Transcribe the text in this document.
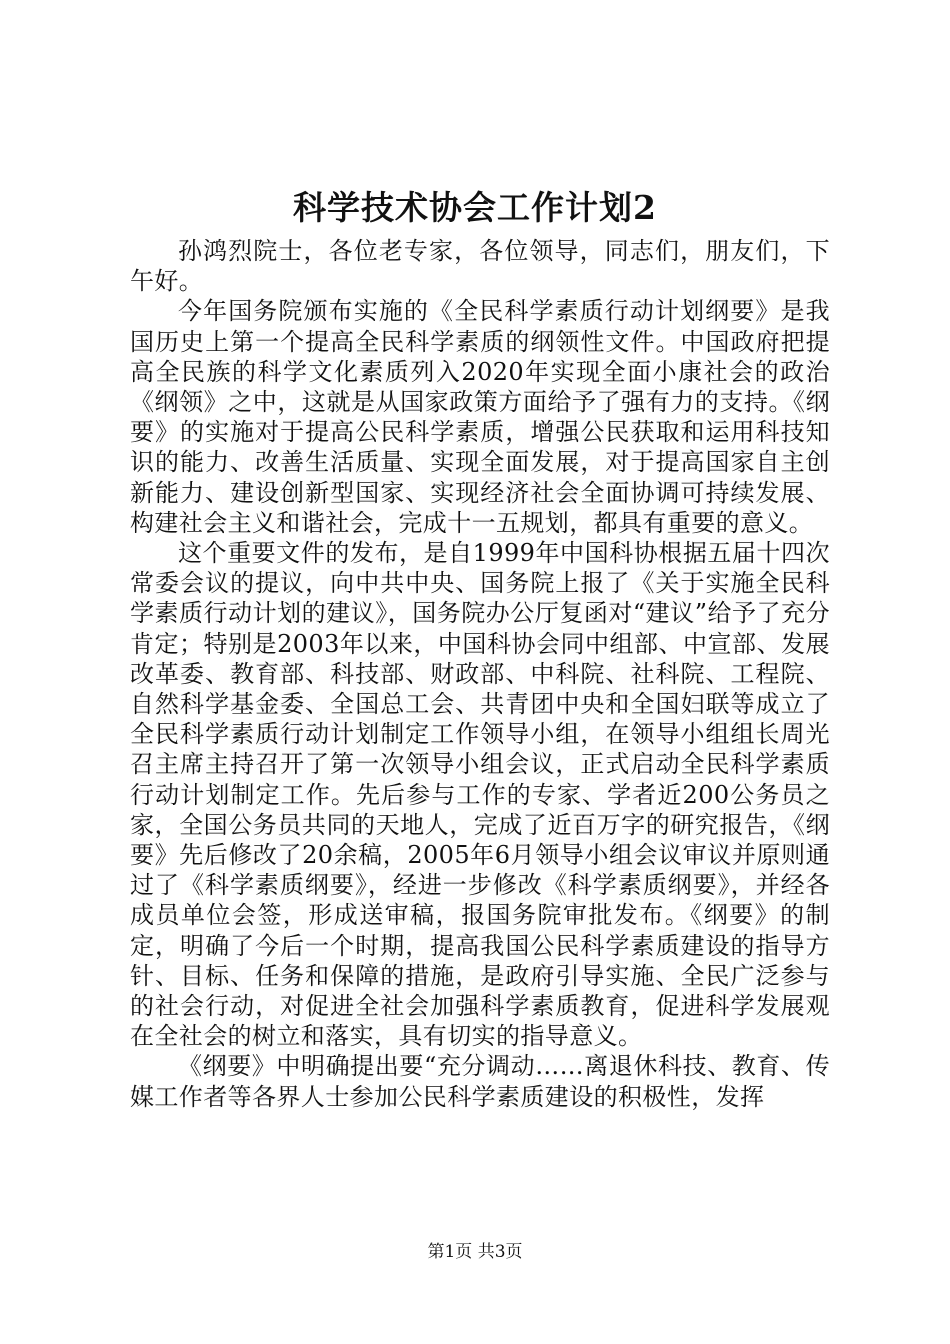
科学技术协会工作计划2

孙鸿烈院士，各位老专家，各位领导，同志们，朋友们，下午好。

今年国务院颁布实施的《全民科学素质行动计划纲要》是我国历史上第一个提高全民科学素质的纲领性文件。中国政府把提高全民族的科学文化素质列入2020年实现全面小康社会的政治《纲领》之中，这就是从国家政策方面给予了强有力的支持。《纲要》的实施对于提高公民科学素质，增强公民获取和运用科技知识的能力、改善生活质量、实现全面发展，对于提高国家自主创新能力、建设创新型国家、实现经济社会全面协调可持续发展、构建社会主义和谐社会，完成十一五规划，都具有重要的意义。

这个重要文件的发布，是自1999年中国科协根据五届十四次常委会议的提议，向中共中央、国务院上报了《关于实施全民科学素质行动计划的建议》，国务院办公厅复函对“建议”给予了充分肯定；特别是2003年以来，中国科协会同中组部、中宣部、发展改革委、教育部、科技部、财政部、中科院、社科院、工程院、自然科学基金委、全国总工会、共青团中央和全国妇联等成立了全民科学素质行动计划制定工作领导小组，在领导小组组长周光召主席主持召开了第一次领导小组会议，正式启动全民科学素质行动计划制定工作。先后参与工作的专家、学者近200公务员之家，全国公务员共同的天地人，完成了近百万字的研究报告，《纲要》先后修改了20余稿，2005年6月领导小组会议审议并原则通过了《科学素质纲要》，经进一步修改《科学素质纲要》，并经各成员单位会签，形成送审稿，报国务院审批发布。《纲要》的制定，明确了今后一个时期，提高我国公民科学素质建设的指导方针、目标、任务和保障的措施，是政府引导实施、全民广泛参与的社会行动，对促进全社会加强科学素质教育，促进科学发展观在全社会的树立和落实，具有切实的指导意义。

《纲要》中明确提出要“充分调动……离退休科技、教育、传媒工作者等各界人士参加公民科学素质建设的积极性，发挥

第1页 共3页
